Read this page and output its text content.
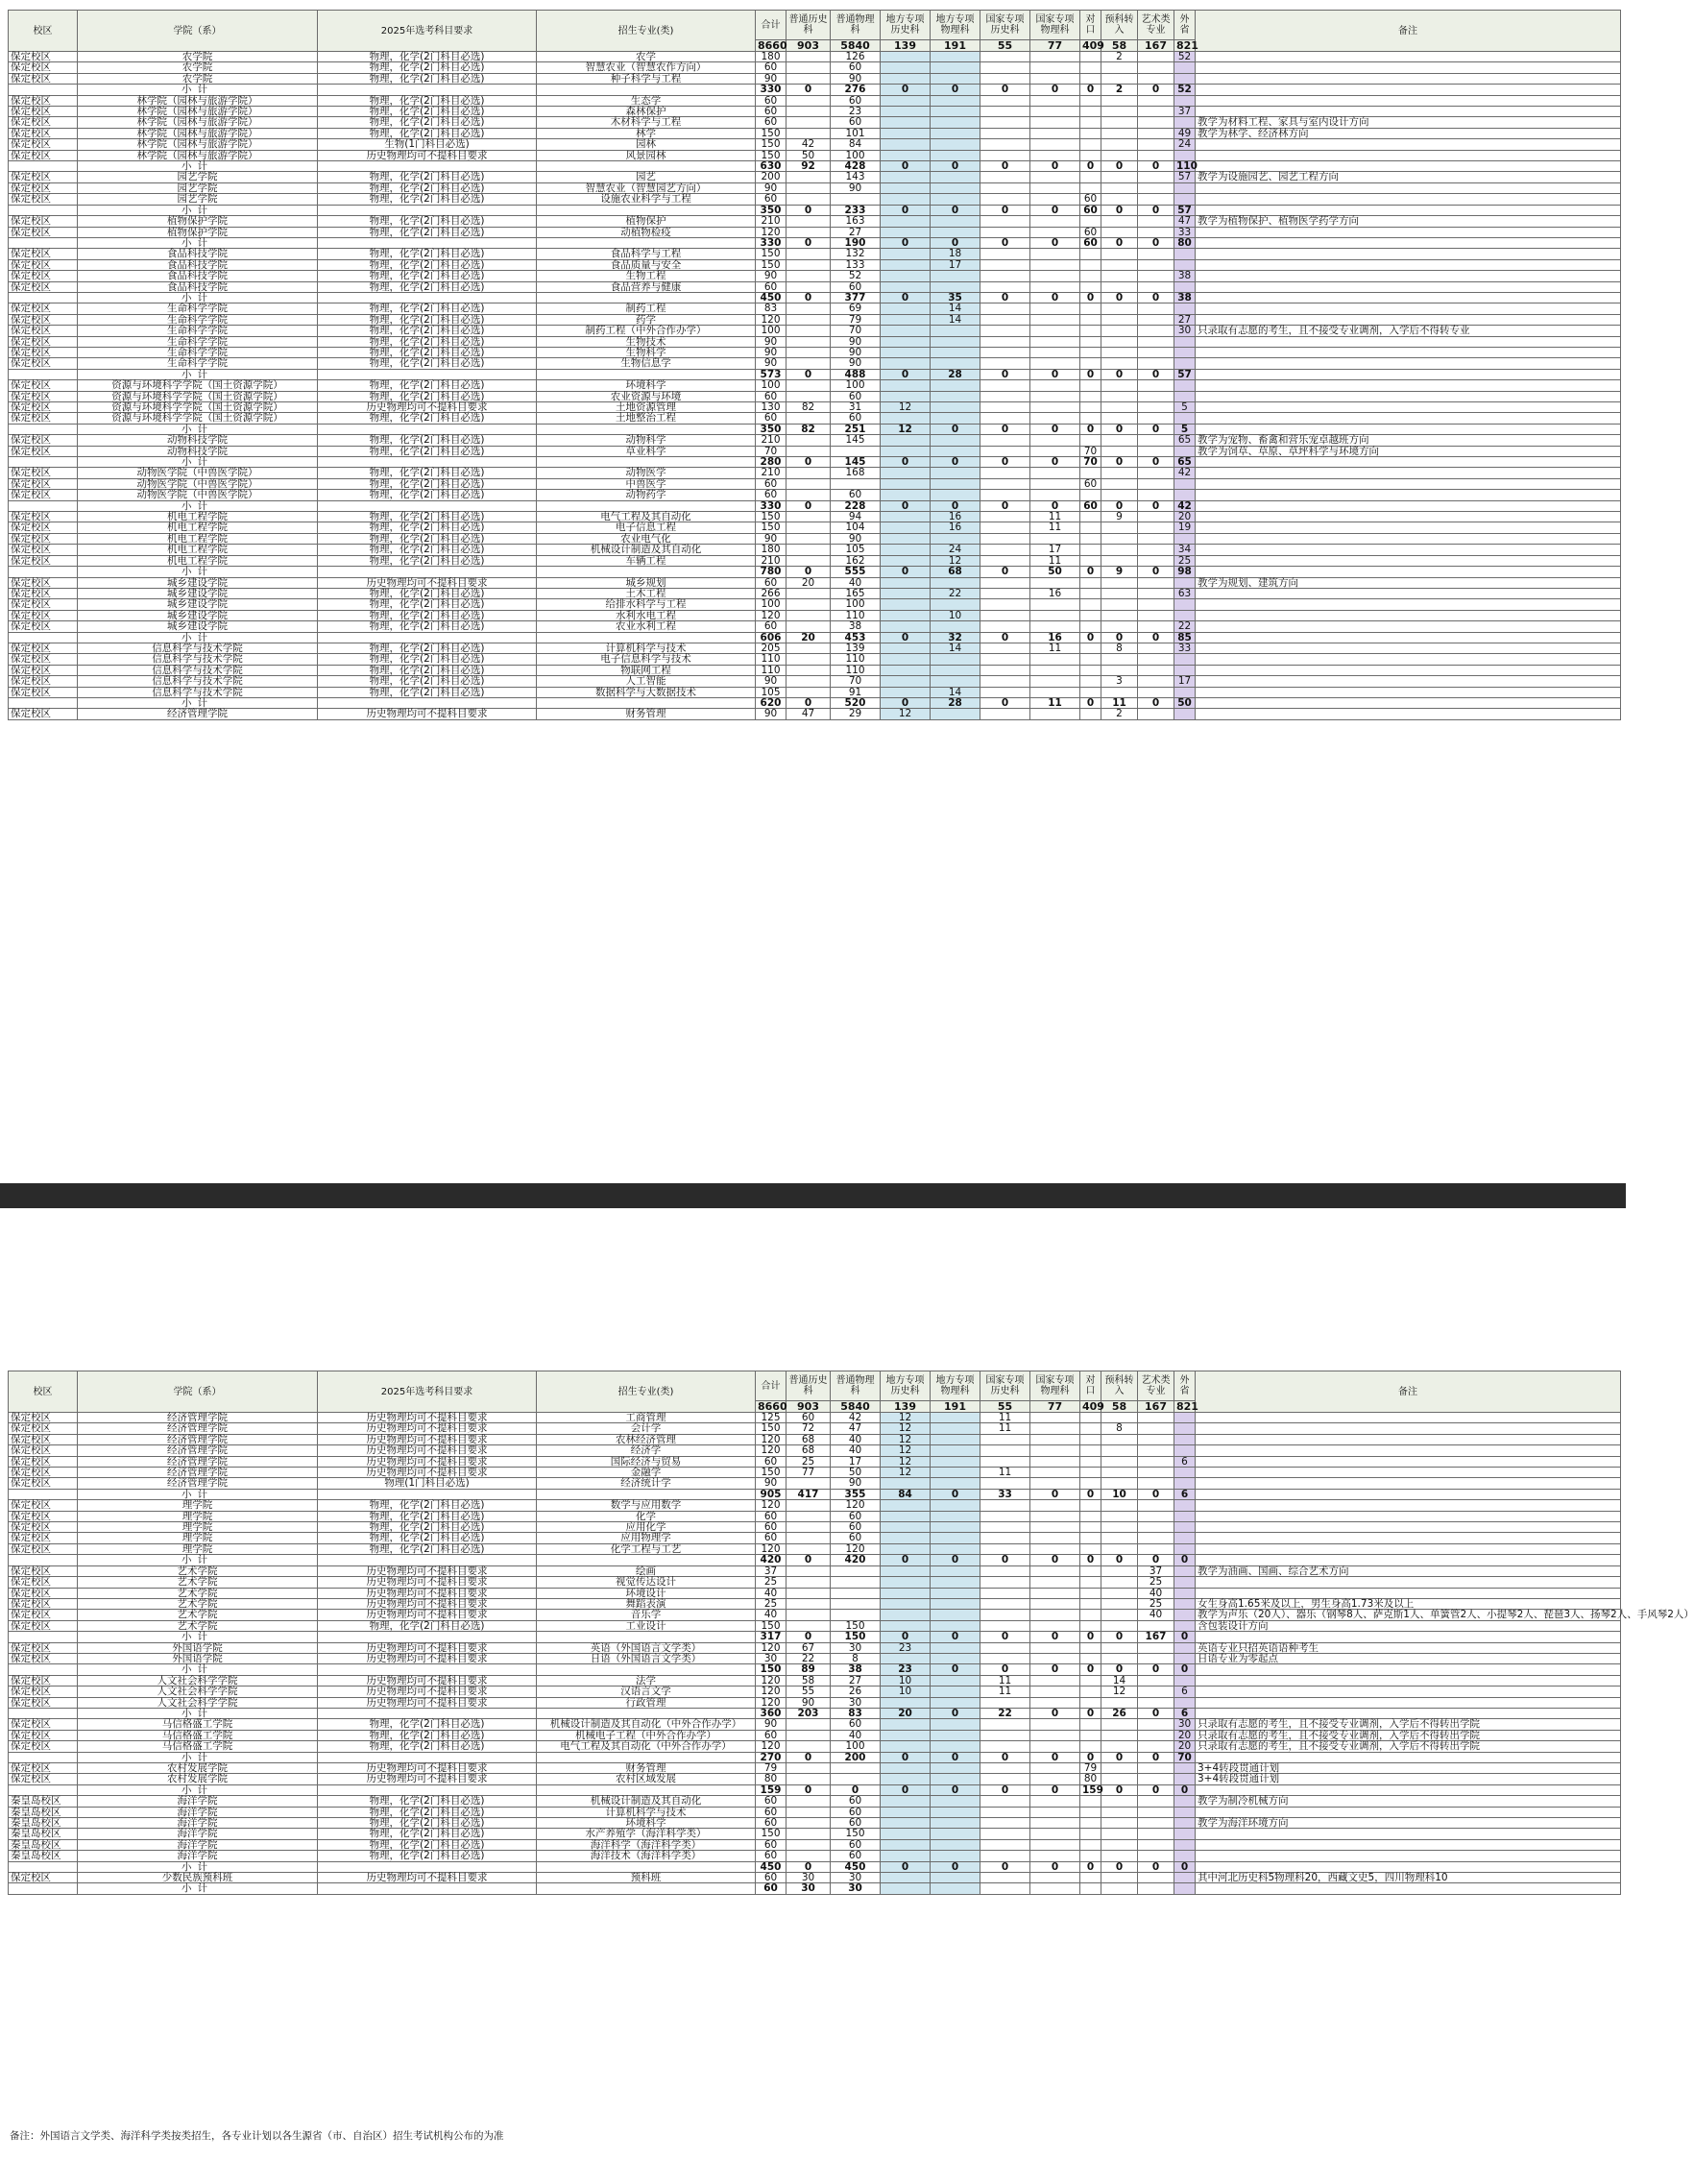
校区	学院（系）	2025年选考科目要求	招生专业(类)	合计	普通历史科	普通物理科	地方专项历史科	地方专项物理科	国家专项历史科	国家专项物理科	对口	预科转入	艺术类专业	外省	备注
				8660	903	5840	139	191	55	77	409	58	167	821	
保定校区	农学院	物理，化学(2门科目必选)	农学	180		126						2		52	
保定校区	农学院	物理，化学(2门科目必选)	智慧农业（智慧农作方向）	60		60									
保定校区	农学院	物理，化学(2门科目必选)	种子科学与工程	90		90									
	小计			330	0	276	0	0	0	0	0	2	0	52	
保定校区	林学院（园林与旅游学院）	物理，化学(2门科目必选)	生态学	60		60									
保定校区	林学院（园林与旅游学院）	物理，化学(2门科目必选)	森林保护	60		23								37	
保定校区	林学院（园林与旅游学院）	物理，化学(2门科目必选)	木材科学与工程	60		60									教学为材料工程、家具与室内设计方向
保定校区	林学院（园林与旅游学院）	物理，化学(2门科目必选)	林学	150		101								49	教学为林学、经济林方向
保定校区	林学院（园林与旅游学院）	生物(1门科目必选)	园林	150	42	84								24	
保定校区	林学院（园林与旅游学院）	历史物理均可不提科目要求	风景园林	150	50	100									
	小计			630	92	428	0	0	0	0	0	0	0	110	
保定校区	园艺学院	物理，化学(2门科目必选)	园艺	200		143								57	教学为设施园艺、园艺工程方向
保定校区	园艺学院	物理，化学(2门科目必选)	智慧农业（智慧园艺方向）	90		90									
保定校区	园艺学院	物理，化学(2门科目必选)	设施农业科学与工程	60							60				
	小计			350	0	233	0	0	0	0	60	0	0	57	
保定校区	植物保护学院	物理，化学(2门科目必选)	植物保护	210		163								47	教学为植物保护、植物医学药学方向
保定校区	植物保护学院	物理，化学(2门科目必选)	动植物检疫	120		27					60			33	
	小计			330	0	190	0	0	0	0	60	0	0	80	
保定校区	食品科技学院	物理，化学(2门科目必选)	食品科学与工程	150		132		18							
保定校区	食品科技学院	物理，化学(2门科目必选)	食品质量与安全	150		133		17							
保定校区	食品科技学院	物理，化学(2门科目必选)	生物工程	90		52								38	
保定校区	食品科技学院	物理，化学(2门科目必选)	食品营养与健康	60		60									
	小计			450	0	377	0	35	0	0	0	0	0	38	
保定校区	生命科学学院	物理，化学(2门科目必选)	制药工程	83		69		14							
保定校区	生命科学学院	物理，化学(2门科目必选)	药学	120		79		14						27	
保定校区	生命科学学院	物理，化学(2门科目必选)	制药工程（中外合作办学）	100		70								30	只录取有志愿的考生，且不接受专业调剂，入学后不得转专业
保定校区	生命科学学院	物理，化学(2门科目必选)	生物技术	90		90									
保定校区	生命科学学院	物理，化学(2门科目必选)	生物科学	90		90									
保定校区	生命科学学院	物理，化学(2门科目必选)	生物信息学	90		90									
	小计			573	0	488	0	28	0	0	0	0	0	57	
保定校区	资源与环境科学学院（国土资源学院）	物理，化学(2门科目必选)	环境科学	100		100									
保定校区	资源与环境科学学院（国土资源学院）	物理，化学(2门科目必选)	农业资源与环境	60		60									
保定校区	资源与环境科学学院（国土资源学院）	历史物理均可不提科目要求	土地资源管理	130	82	31	12							5	
保定校区	资源与环境科学学院（国土资源学院）	物理，化学(2门科目必选)	土地整治工程	60		60									
	小计			350	82	251	12	0	0	0	0	0	0	5	
保定校区	动物科技学院	物理，化学(2门科目必选)	动物科学	210		145								65	教学为宠物、畜禽和营乐宠卓越班方向
保定校区	动物科技学院	物理，化学(2门科目必选)	草业科学	70							70				教学为饲草、草原、草坪科学与环境方向
	小计			280	0	145	0	0	0	0	70	0	0	65	
保定校区	动物医学院（中兽医学院）	物理，化学(2门科目必选)	动物医学	210		168								42	
保定校区	动物医学院（中兽医学院）	物理，化学(2门科目必选)	中兽医学	60							60				
保定校区	动物医学院（中兽医学院）	物理，化学(2门科目必选)	动物药学	60		60									
	小计			330	0	228	0	0	0	0	60	0	0	42	
保定校区	机电工程学院	物理，化学(2门科目必选)	电气工程及其自动化	150		94		16		11		9		20	
保定校区	机电工程学院	物理，化学(2门科目必选)	电子信息工程	150		104		16		11				19	
保定校区	机电工程学院	物理，化学(2门科目必选)	农业电气化	90		90									
保定校区	机电工程学院	物理，化学(2门科目必选)	机械设计制造及其自动化	180		105		24		17				34	
保定校区	机电工程学院	物理，化学(2门科目必选)	车辆工程	210		162		12		11				25	
	小计			780	0	555	0	68	0	50	0	9	0	98	
保定校区	城乡建设学院	历史物理均可不提科目要求	城乡规划	60	20	40									教学为规划、建筑方向
保定校区	城乡建设学院	物理，化学(2门科目必选)	土木工程	266		165		22		16				63	
保定校区	城乡建设学院	物理，化学(2门科目必选)	给排水科学与工程	100		100									
保定校区	城乡建设学院	物理，化学(2门科目必选)	水利水电工程	120		110		10							
保定校区	城乡建设学院	物理，化学(2门科目必选)	农业水利工程	60		38								22	
	小计			606	20	453	0	32	0	16	0	0	0	85	
保定校区	信息科学与技术学院	物理，化学(2门科目必选)	计算机科学与技术	205		139		14		11		8		33	
保定校区	信息科学与技术学院	物理，化学(2门科目必选)	电子信息科学与技术	110		110									
保定校区	信息科学与技术学院	物理，化学(2门科目必选)	物联网工程	110		110									
保定校区	信息科学与技术学院	物理，化学(2门科目必选)	人工智能	90		70						3		17	
保定校区	信息科学与技术学院	物理，化学(2门科目必选)	数据科学与大数据技术	105		91		14							
	小计			620	0	520	0	28	0	11	0	11	0	50	
保定校区	经济管理学院	历史物理均可不提科目要求	财务管理	90	47	29	12					2			
校区	学院（系）	2025年选考科目要求	招生专业(类)	合计	普通历史科	普通物理科	地方专项历史科	地方专项物理科	国家专项历史科	国家专项物理科	对口	预科转入	艺术类专业	外省	备注
				8660	903	5840	139	191	55	77	409	58	167	821	
保定校区	经济管理学院	历史物理均可不提科目要求	工商管理	125	60	42	12		11						
保定校区	经济管理学院	历史物理均可不提科目要求	会计学	150	72	47	12		11			8			
保定校区	经济管理学院	历史物理均可不提科目要求	农林经济管理	120	68	40	12								
保定校区	经济管理学院	历史物理均可不提科目要求	经济学	120	68	40	12								
保定校区	经济管理学院	历史物理均可不提科目要求	国际经济与贸易	60	25	17	12							6	
保定校区	经济管理学院	历史物理均可不提科目要求	金融学	150	77	50	12		11						
保定校区	经济管理学院	物理(1门科目必选)	经济统计学	90		90									
	小计			905	417	355	84	0	33	0	0	10	0	6	
保定校区	理学院	物理，化学(2门科目必选)	数学与应用数学	120		120									
保定校区	理学院	物理，化学(2门科目必选)	化学	60		60									
保定校区	理学院	物理，化学(2门科目必选)	应用化学	60		60									
保定校区	理学院	物理，化学(2门科目必选)	应用物理学	60		60									
保定校区	理学院	物理，化学(2门科目必选)	化学工程与工艺	120		120									
	小计			420	0	420	0	0	0	0	0	0	0	0	
保定校区	艺术学院	历史物理均可不提科目要求	绘画	37									37		教学为油画、国画、综合艺术方向
保定校区	艺术学院	历史物理均可不提科目要求	视觉传达设计	25									25		
保定校区	艺术学院	历史物理均可不提科目要求	环境设计	40									40		
保定校区	艺术学院	历史物理均可不提科目要求	舞蹈表演	25									25		女生身高1.65米及以上，男生身高1.73米及以上
保定校区	艺术学院	历史物理均可不提科目要求	音乐学	40									40		教学为声乐（20人）、器乐（钢琴8人、萨克斯1人、单簧管2人、小提琴2人、琵琶3人、扬琴2人、手风琴2人）
保定校区	艺术学院	物理，化学(2门科目必选)	工业设计	150		150									含包装设计方向
	小计			317	0	150	0	0	0	0	0	0	167	0	
保定校区	外国语学院	历史物理均可不提科目要求	英语（外国语言文学类）	120	67	30	23								英语专业只招英语语种考生
保定校区	外国语学院	历史物理均可不提科目要求	日语（外国语言文学类）	30	22	8									日语专业为零起点
	小计			150	89	38	23	0	0	0	0	0	0	0	
保定校区	人文社会科学学院	历史物理均可不提科目要求	法学	120	58	27	10		11			14			
保定校区	人文社会科学学院	历史物理均可不提科目要求	汉语言文学	120	55	26	10		11			12		6	
保定校区	人文社会科学学院	历史物理均可不提科目要求	行政管理	120	90	30									
	小计			360	203	83	20	0	22	0	0	26	0	6	
保定校区	马信格盛工学院	物理，化学(2门科目必选)	机械设计制造及其自动化（中外合作办学）	90		60								30	只录取有志愿的考生，且不接受专业调剂，入学后不得转出学院
保定校区	马信格盛工学院	物理，化学(2门科目必选)	机械电子工程（中外合作办学）	60		40								20	只录取有志愿的考生，且不接受专业调剂，入学后不得转出学院
保定校区	马信格盛工学院	物理，化学(2门科目必选)	电气工程及其自动化（中外合作办学）	120		100								20	只录取有志愿的考生，且不接受专业调剂，入学后不得转出学院
	小计			270	0	200	0	0	0	0	0	0	0	70	
保定校区	农村发展学院	历史物理均可不提科目要求	财务管理	79							79				3+4转段贯通计划
保定校区	农村发展学院	历史物理均可不提科目要求	农村区域发展	80							80				3+4转段贯通计划
	小计			159	0	0	0	0	0	0	159	0	0	0	
秦皇岛校区	海洋学院	物理，化学(2门科目必选)	机械设计制造及其自动化	60		60									教学为制冷机械方向
秦皇岛校区	海洋学院	物理，化学(2门科目必选)	计算机科学与技术	60		60									
秦皇岛校区	海洋学院	物理，化学(2门科目必选)	环境科学	60		60									教学为海洋环境方向
秦皇岛校区	海洋学院	物理，化学(2门科目必选)	水产养殖学（海洋科学类）	150		150									
秦皇岛校区	海洋学院	物理，化学(2门科目必选)	海洋科学（海洋科学类）	60		60									
秦皇岛校区	海洋学院	物理，化学(2门科目必选)	海洋技术（海洋科学类）	60		60									
	小计			450	0	450	0	0	0	0	0	0	0	0	
保定校区	少数民族预科班	历史物理均可不提科目要求	预科班	60	30	30									其中河北历史科5物理科20，西藏文史5，四川物理科10
	小计			60	30	30									
备注：外国语言文学类、海洋科学类按类招生，各专业计划以各生源省（市、自治区）招生考试机构公布的为准
